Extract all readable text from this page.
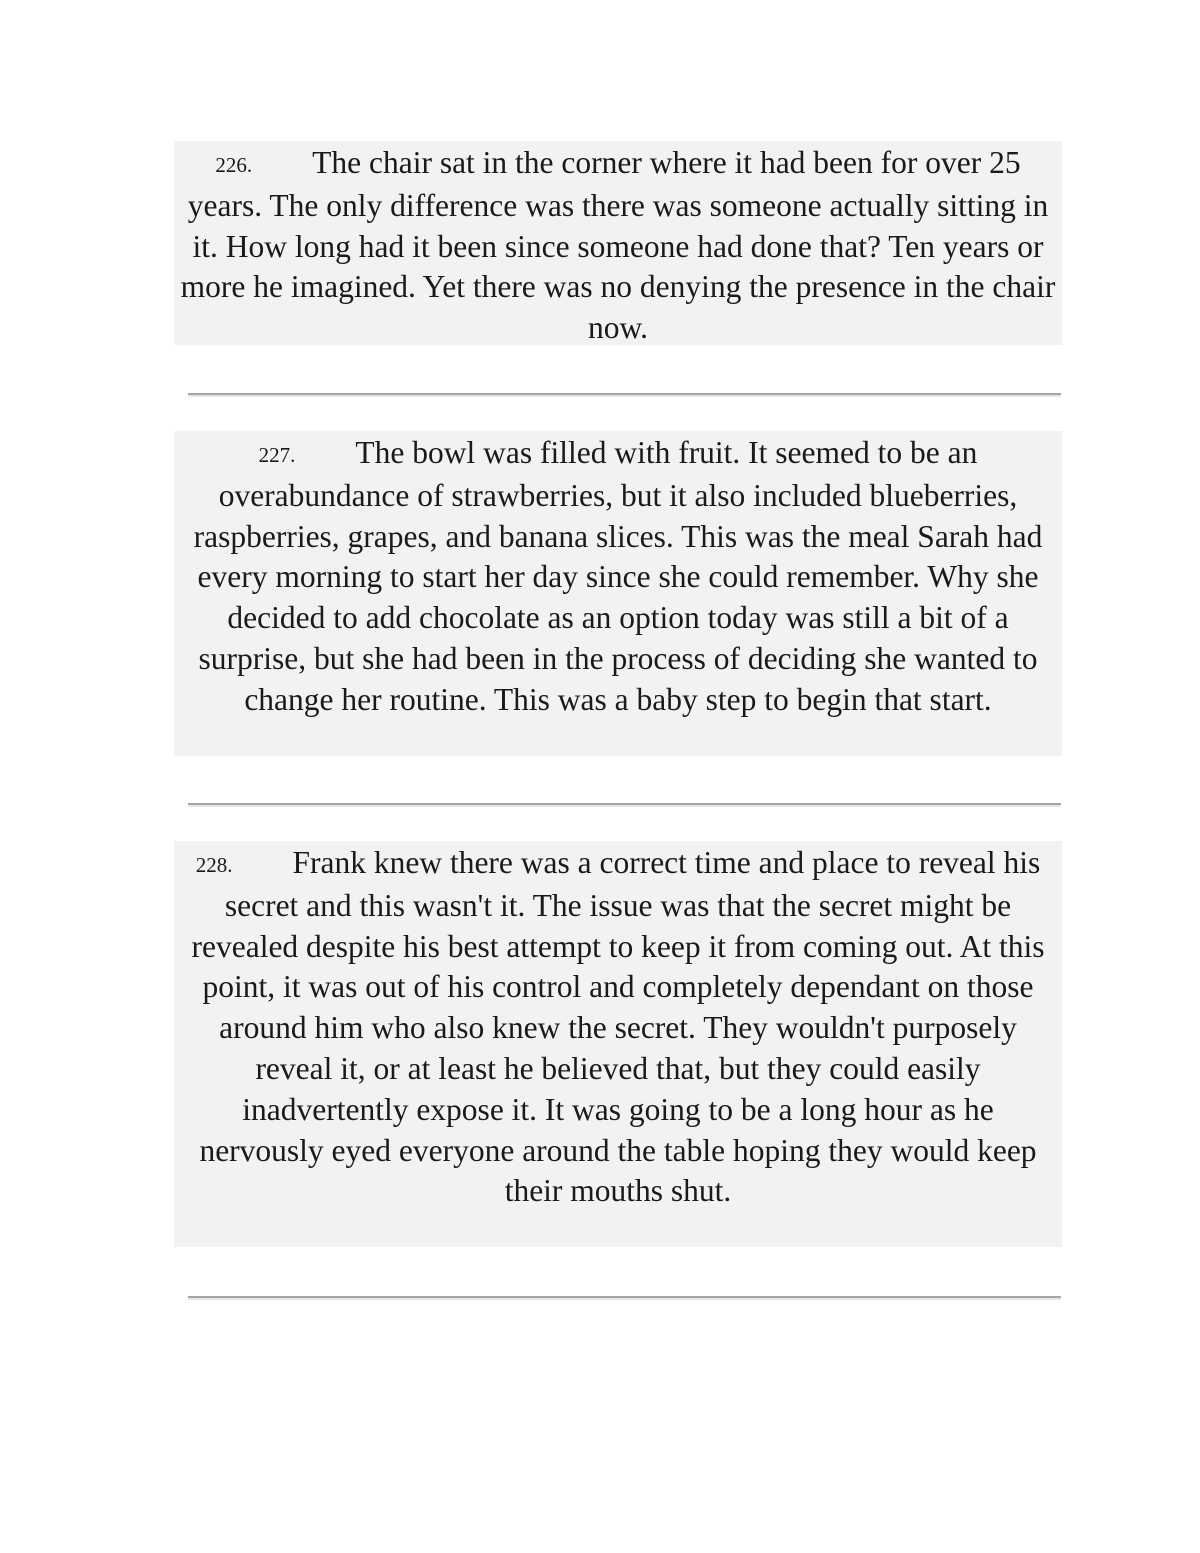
226. The chair sat in the corner where it had been for over 25 years. The only difference was there was someone actually sitting in it. How long had it been since someone had done that? Ten years or more he imagined. Yet there was no denying the presence in the chair now.
227. The bowl was filled with fruit. It seemed to be an overabundance of strawberries, but it also included blueberries, raspberries, grapes, and banana slices. This was the meal Sarah had every morning to start her day since she could remember. Why she decided to add chocolate as an option today was still a bit of a surprise, but she had been in the process of deciding she wanted to change her routine. This was a baby step to begin that start.
228. Frank knew there was a correct time and place to reveal his secret and this wasn't it. The issue was that the secret might be revealed despite his best attempt to keep it from coming out. At this point, it was out of his control and completely dependant on those around him who also knew the secret. They wouldn't purposely reveal it, or at least he believed that, but they could easily inadvertently expose it. It was going to be a long hour as he nervously eyed everyone around the table hoping they would keep their mouths shut.
